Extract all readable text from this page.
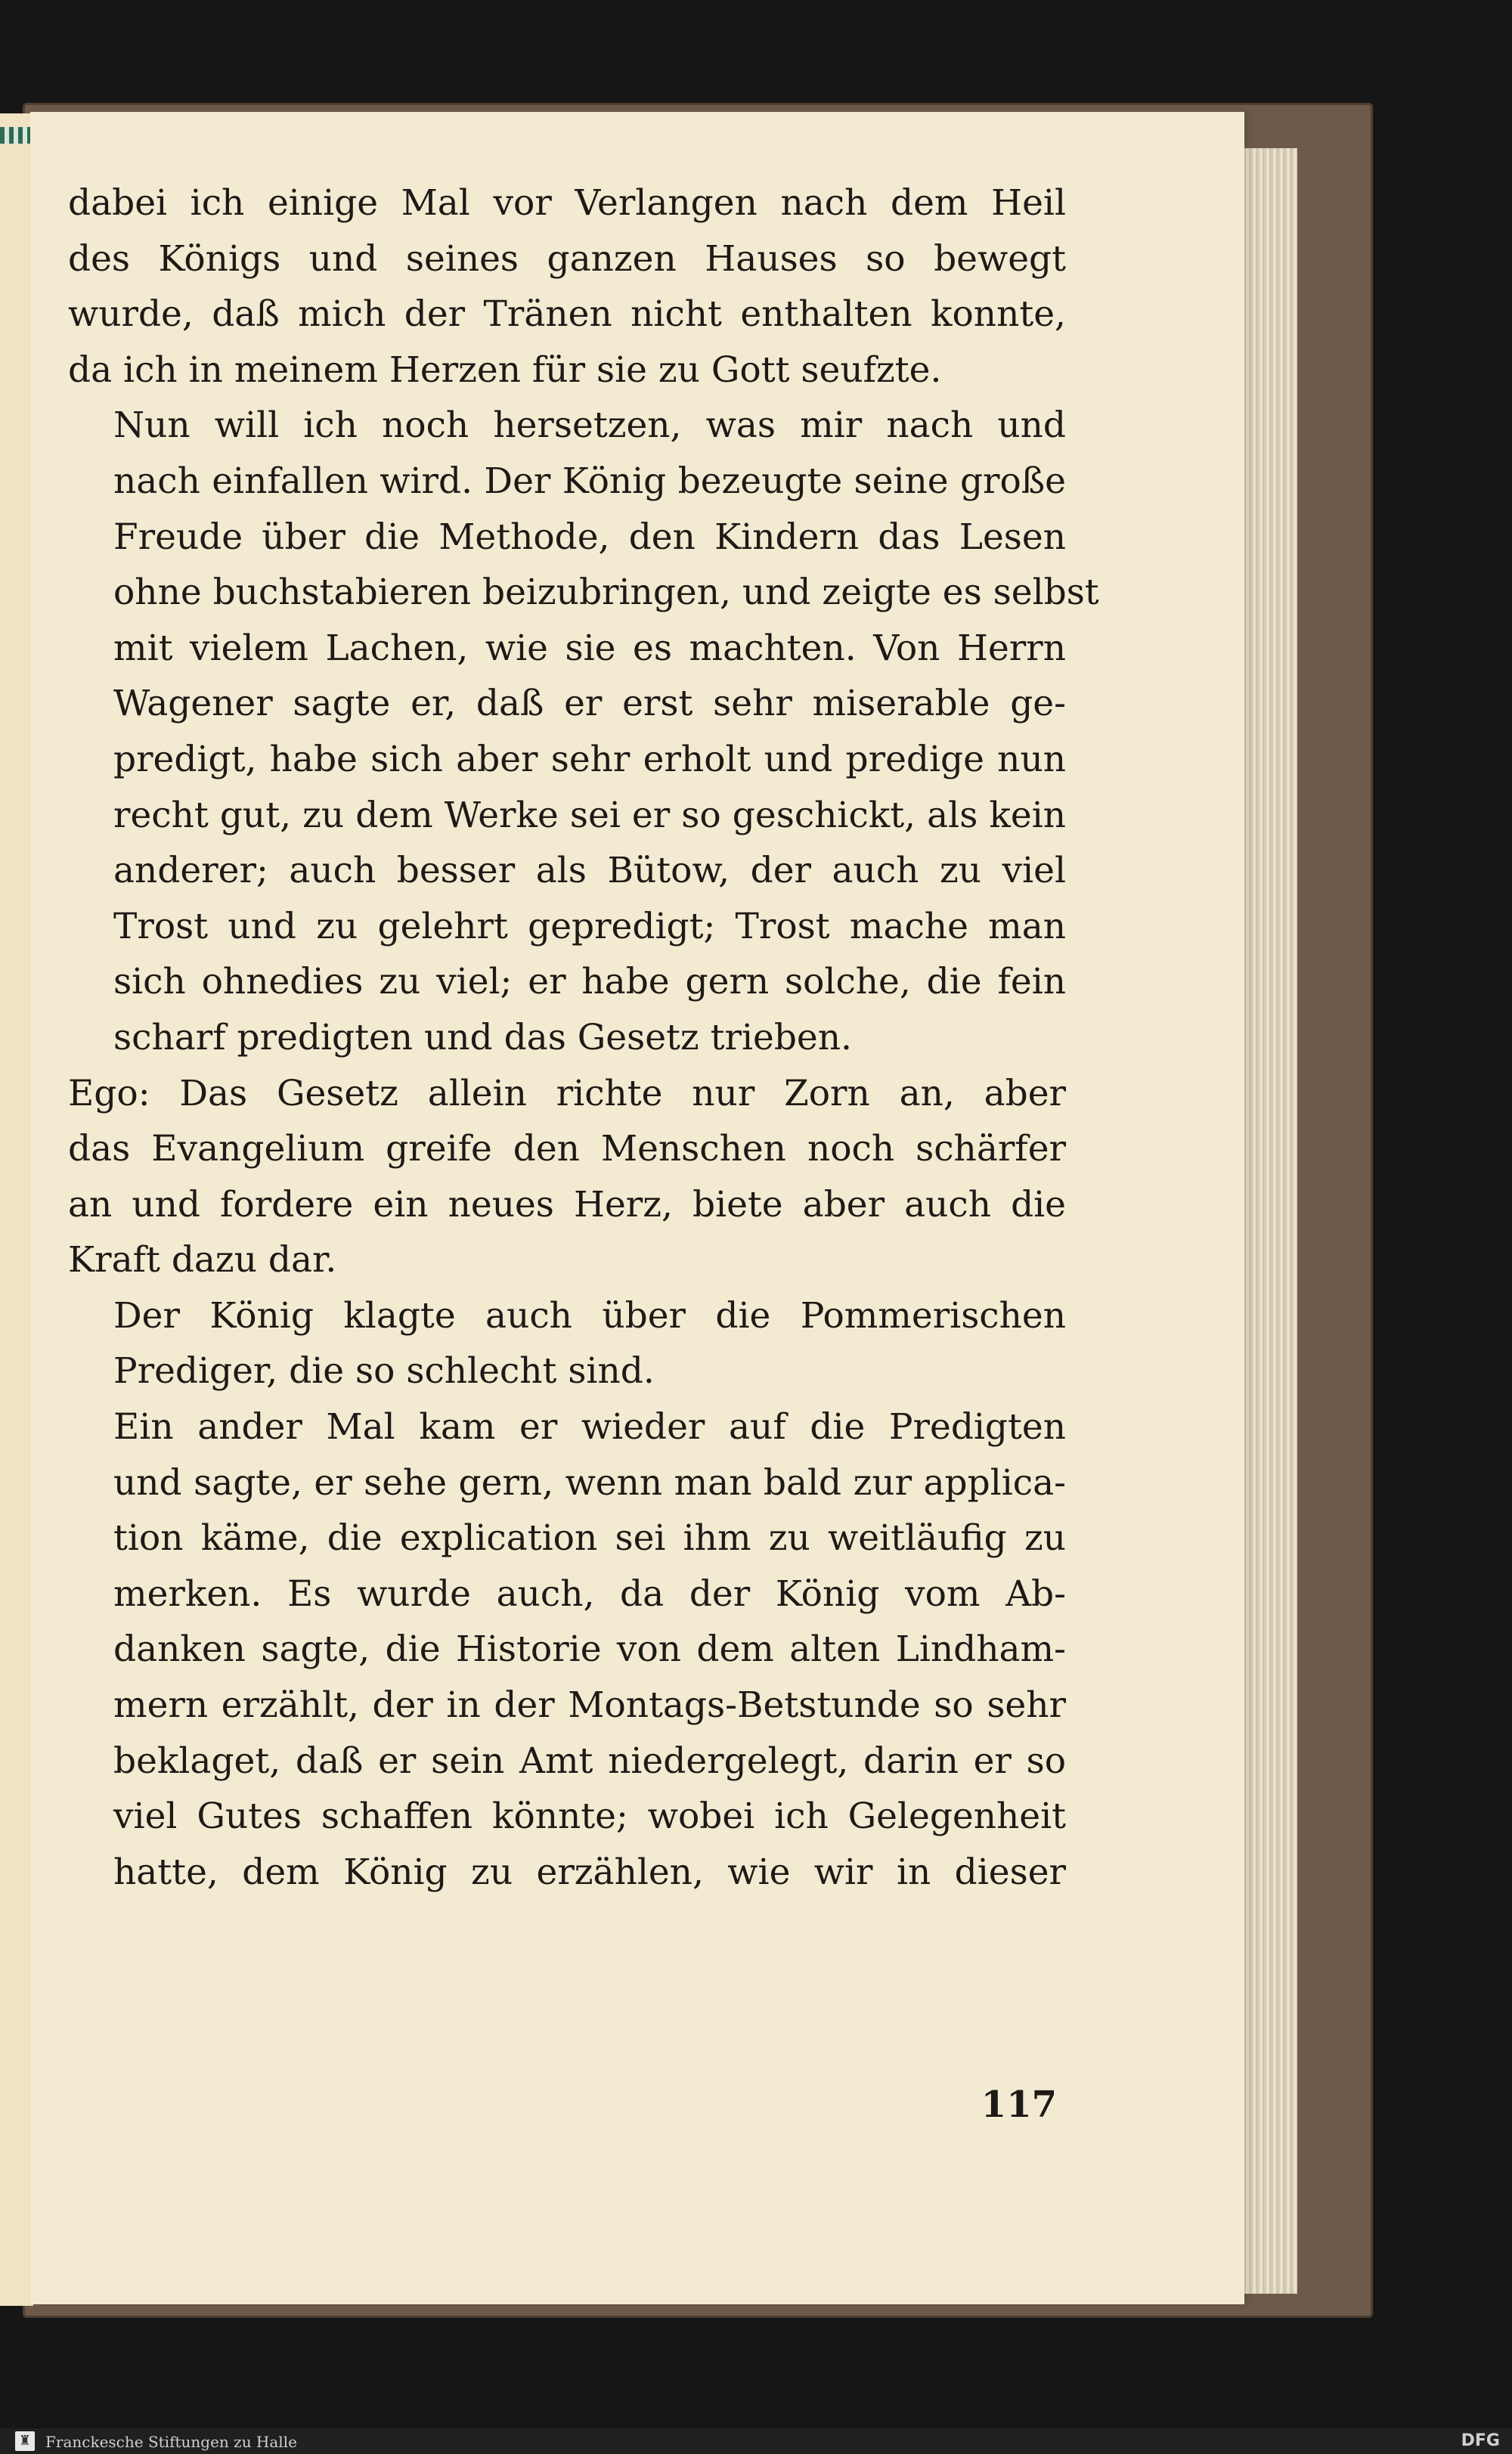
dabei ich einige Mal vor Verlangen nach dem Heil
des Königs und seines ganzen Hauses so bewegt
wurde, daß mich der Tränen nicht enthalten konnte,
da ich in meinem Herzen für sie zu Gott seufzte.

Nun will ich noch hersetzen, was mir nach und
nach einfallen wird. Der König bezeugte seine große
Freude über die Methode, den Kindern das Lesen
ohne buchstabieren beizubringen, und zeigte es selbst
mit vielem Lachen, wie sie es machten. Von Herrn
Wagener sagte er, daß er erst sehr miserable ge-
predigt, habe sich aber sehr erholt und predige nun
recht gut, zu dem Werke sei er so geschickt, als kein
anderer; auch besser als Bütow, der auch zu viel
Trost und zu gelehrt gepredigt; Trost mache man
sich ohnedies zu viel; er habe gern solche, die fein
scharf predigten und das Gesetz trieben.

Ego: Das Gesetz allein richte nur Zorn an, aber
das Evangelium greife den Menschen noch schärfer
an und fordere ein neues Herz, biete aber auch die
Kraft dazu dar.

Der König klagte auch über die Pommerischen
Prediger, die so schlecht sind.

Ein ander Mal kam er wieder auf die Predigten
und sagte, er sehe gern, wenn man bald zur applica-
tion käme, die explication sei ihm zu weitläufig zu
merken. Es wurde auch, da der König vom Ab-
danken sagte, die Historie von dem alten Lindham-
mern erzählt, der in der Montags-Betstunde so sehr
beklaget, daß er sein Amt niedergelegt, darin er so
viel Gutes schaffen könnte; wobei ich Gelegenheit
hatte, dem König zu erzählen, wie wir in dieser

117
♜ Franckesche Stiftungen zu Halle	DFG
